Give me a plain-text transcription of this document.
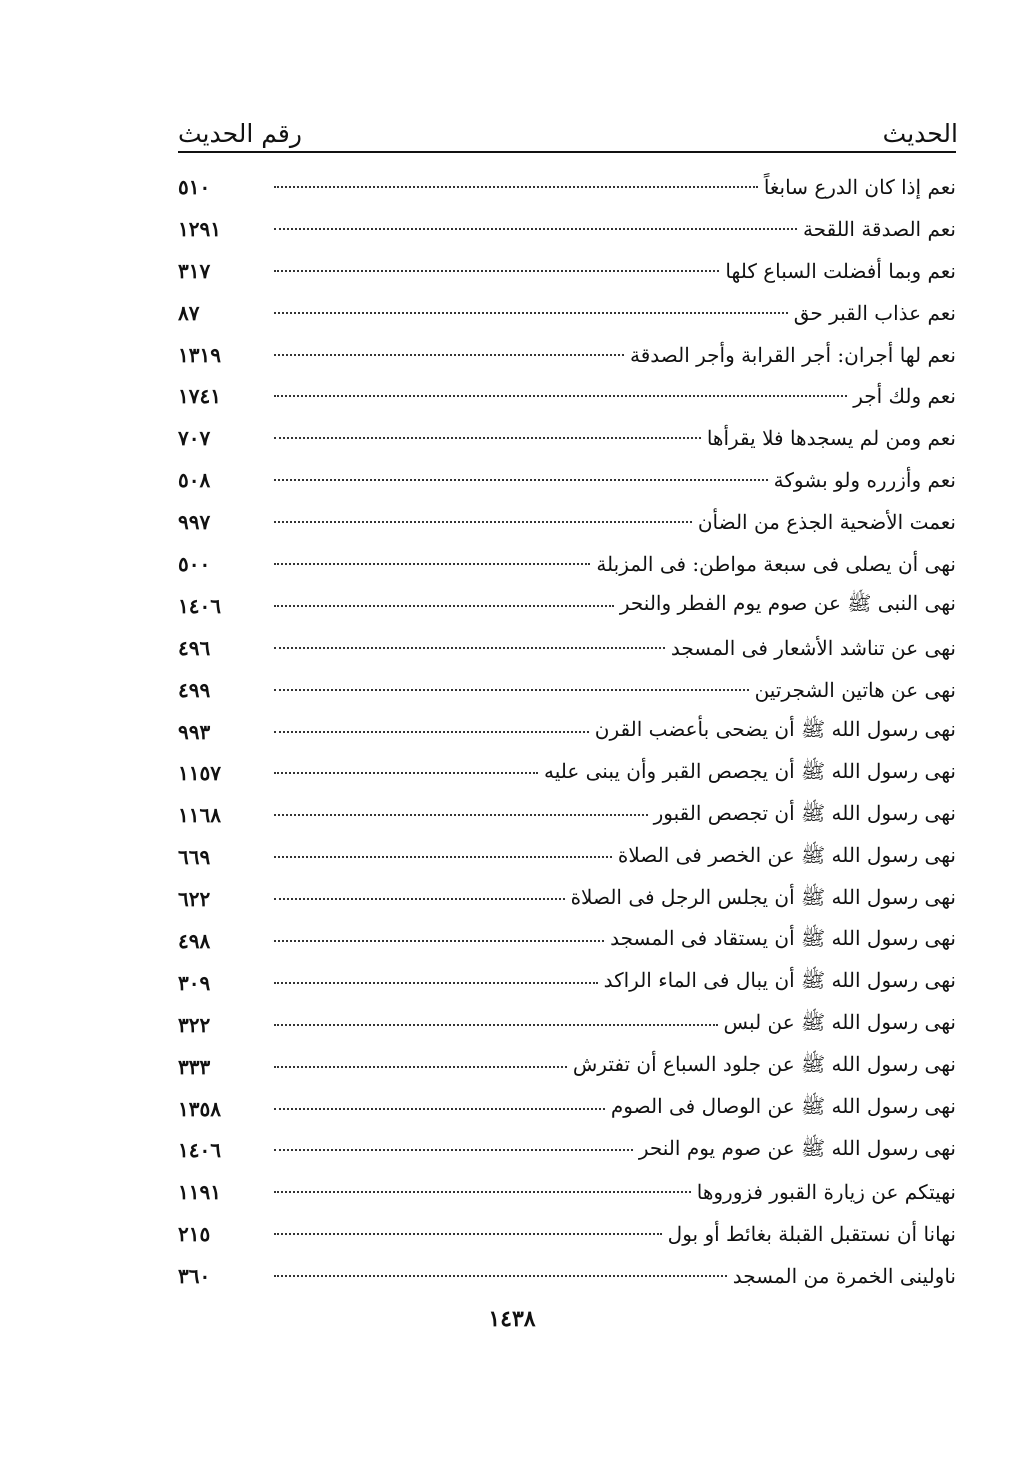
الحديث
رقم الحديث
نعم إذا كان الدرع سابغاً
٥١٠
نعم الصدقة اللقحة
١٢٩١
نعم وبما أفضلت السباع كلها
٣١٧
نعم عذاب القبر حق
٨٧
نعم لها أجران: أجر القرابة وأجر الصدقة
١٣١٩
نعم ولك أجر
١٧٤١
نعم ومن لم يسجدها فلا يقرأها
٧٠٧
نعم وأزرره ولو بشوكة
٥٠٨
نعمت الأضحية الجذع من الضأن
٩٩٧
نهى أن يصلى فى سبعة مواطن: فى المزبلة
٥٠٠
نهى النبى ﷺ عن صوم يوم الفطر والنحر
١٤٠٦
نهى عن تناشد الأشعار فى المسجد
٤٩٦
نهى عن هاتين الشجرتين
٤٩٩
نهى رسول الله ﷺ أن يضحى بأعضب القرن
٩٩٣
نهى رسول الله ﷺ أن يجصص القبر وأن يبنى عليه
١١٥٧
نهى رسول الله ﷺ أن تجصص القبور
١١٦٨
نهى رسول الله ﷺ عن الخصر فى الصلاة
٦٦٩
نهى رسول الله ﷺ أن يجلس الرجل فى الصلاة
٦٢٢
نهى رسول الله ﷺ أن يستقاد فى المسجد
٤٩٨
نهى رسول الله ﷺ أن يبال فى الماء الراكد
٣٠٩
نهى رسول الله ﷺ عن لبس
٣٢٢
نهى رسول الله ﷺ عن جلود السباع أن تفترش
٣٣٣
نهى رسول الله ﷺ عن الوصال فى الصوم
١٣٥٨
نهى رسول الله ﷺ عن صوم يوم النحر
١٤٠٦
نهيتكم عن زيارة القبور فزوروها
١١٩١
نهانا أن نستقبل القبلة بغائط أو بول
٢١٥
ناولينى الخمرة من المسجد
٣٦٠
١٤٣٨
